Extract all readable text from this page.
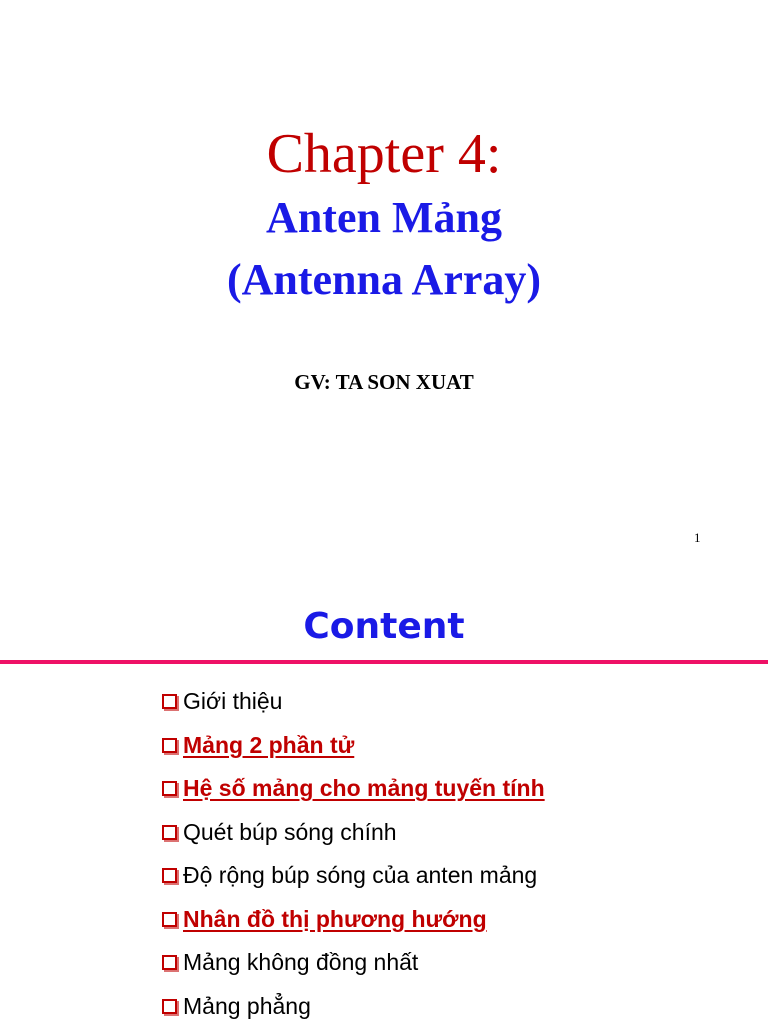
Chapter 4:
Anten Mảng
(Antenna Array)
GV: TA SON XUAT
1
Content
Giới thiệu
Mảng 2 phần tử
Hệ số mảng cho mảng tuyến tính
Quét búp sóng chính
Độ rộng búp sóng của anten mảng
Nhân đồ thị phương hướng
Mảng không đồng nhất
Mảng phẳng
